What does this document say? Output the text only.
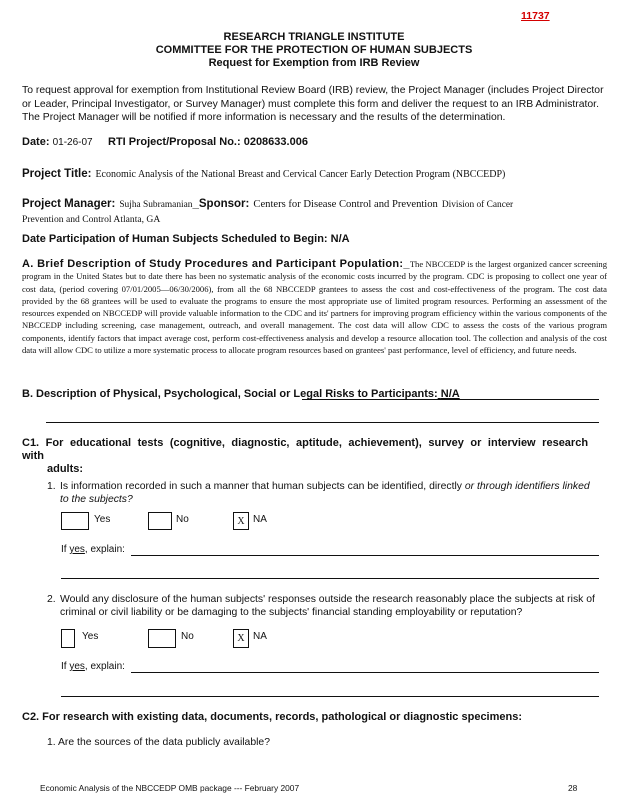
11737
RESEARCH TRIANGLE INSTITUTE
COMMITTEE FOR THE PROTECTION OF HUMAN SUBJECTS
Request for Exemption from IRB Review
To request approval for exemption from Institutional Review Board (IRB) review, the Project Manager (includes Project Director or Leader, Principal Investigator, or Survey Manager) must complete this form and deliver the request to an IRB Administrator. The Project Manager will be notified if more information is necessary and the results of the determination.
Date: 01-26-07 RTI Project/Proposal No.: 0208633.006
Project Title: Economic Analysis of the National Breast and Cervical Cancer Early Detection Program (NBCCEDP)
Project Manager: Sujha Subramanian_Sponsor: Centers for Disease Control and Prevention Division of Cancer
Prevention and Control Atlanta, GA
Date Participation of Human Subjects Scheduled to Begin: N/A
A. Brief Description of Study Procedures and Participant Population:_The NBCCEDP is the largest organized cancer screening program in the United States but to date there has been no systematic analysis of the economic costs incurred by the program. CDC is proposing to collect one year of cost data, (period covering 07/01/2005—06/30/2006), from all the 68 NBCCEDP grantees to assess the cost and cost-effectiveness of the program. The cost data provided by the 68 grantees will be used to evaluate the programs to ensure the most appropriate use of limited program resources. Performing an assessment of the resources expended on NBCCEDP will provide valuable information to the CDC and its' partners for improving program efficiency within the various components of the NBCCEDP including screening, case management, outreach, and overall management. The cost data will allow CDC to assess the costs of the various program components, identify factors that impact average cost, perform cost-effectiveness analysis and develop a resource allocation tool. The collection and analysis of the cost data will allow CDC to utilize a more systematic process to allocate program resources based on grantees' past performance, level of efficiency, and future needs.
B. Description of Physical, Psychological, Social or Legal Risks to Participants: N/A
C1. For educational tests (cognitive, diagnostic, aptitude, achievement), survey or interview research with
adults:
1. Is information recorded in such a manner that human subjects can be identified, directly or through identifiers linked to the subjects?
Yes	No	X NA
If yes, explain:
2. Would any disclosure of the human subjects' responses outside the research reasonably place the subjects at risk of criminal or civil liability or be damaging to the subjects' financial standing employability or reputation?
Yes	No	X NA
If yes, explain:
C2. For research with existing data, documents, records, pathological or diagnostic specimens:
1. Are the sources of the data publicly available?
Economic Analysis of the NBCCEDP OMB package --- February 2007	28
